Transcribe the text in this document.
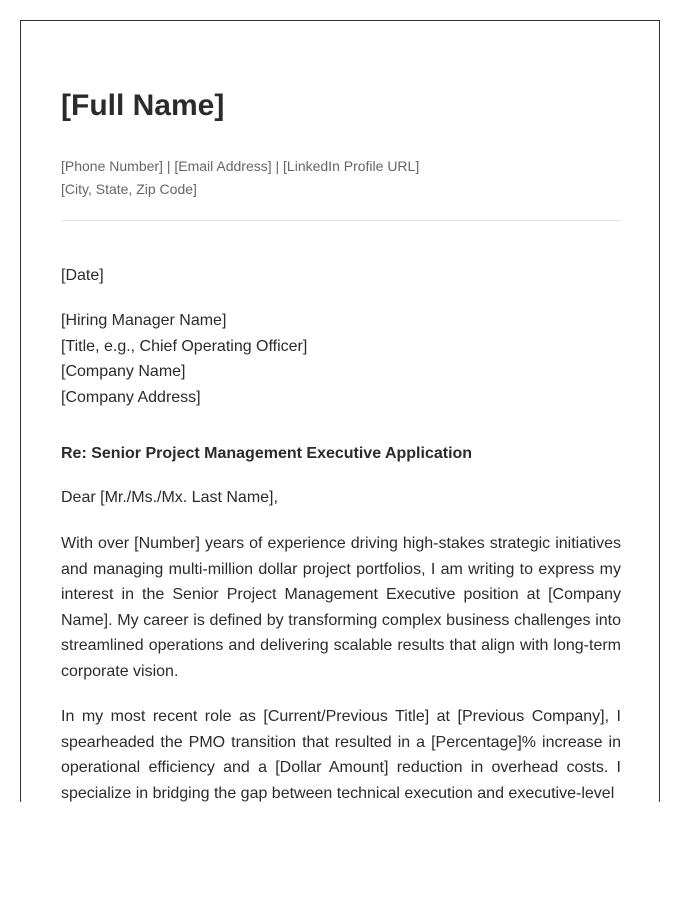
[Full Name]
[Phone Number] | [Email Address] | [LinkedIn Profile URL]
[City, State, Zip Code]
[Date]
[Hiring Manager Name]
[Title, e.g., Chief Operating Officer]
[Company Name]
[Company Address]
Re: Senior Project Management Executive Application
Dear [Mr./Ms./Mx. Last Name],

With over [Number] years of experience driving high-stakes strategic initiatives and managing multi-million dollar project portfolios, I am writing to express my interest in the Senior Project Management Executive position at [Company Name]. My career is defined by transforming complex business challenges into streamlined operations and delivering scalable results that align with long-term corporate vision.

In my most recent role as [Current/Previous Title] at [Previous Company], I spearheaded the PMO transition that resulted in a [Percentage]% increase in operational efficiency and a [Dollar Amount] reduction in overhead costs. I specialize in bridging the gap between technical execution and executive-level
